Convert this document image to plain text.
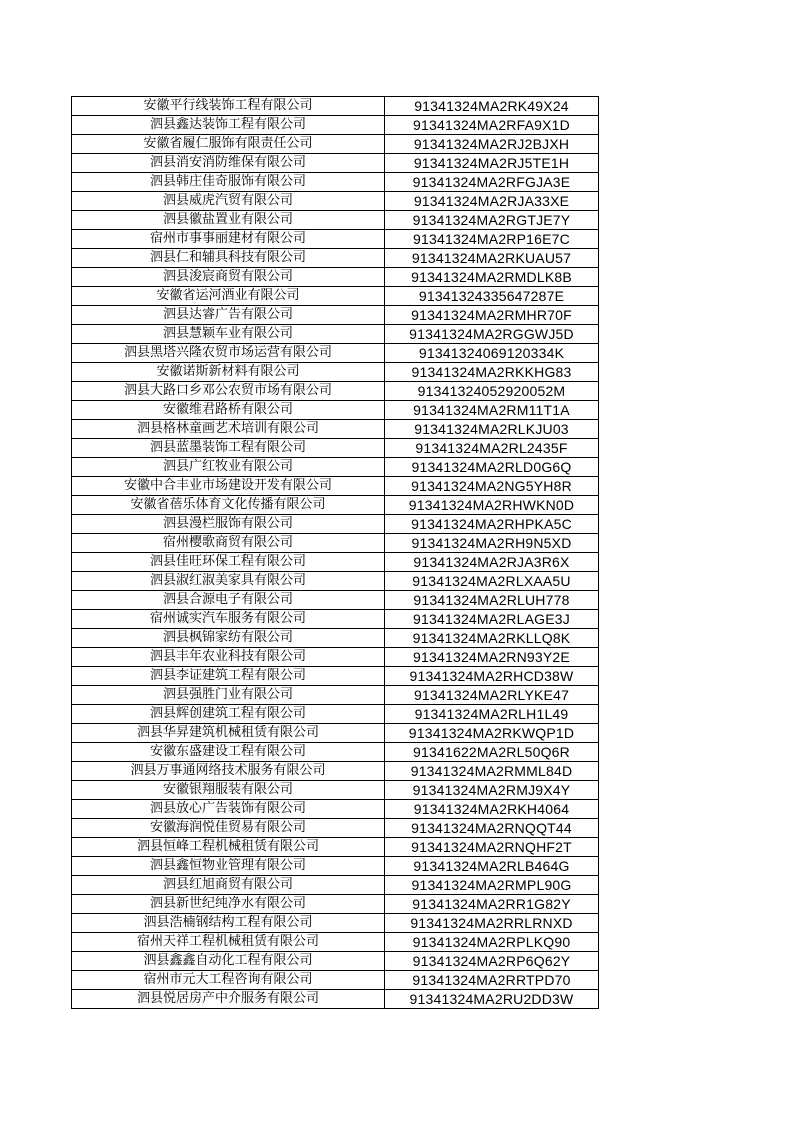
安徽平行线装饰工程有限公司	91341324MA2RK49X24
泗县鑫达装饰工程有限公司	91341324MA2RFA9X1D
安徽省履仁服饰有限责任公司	91341324MA2RJ2BJXH
泗县消安消防维保有限公司	91341324MA2RJ5TE1H
泗县韩庄佳奇服饰有限公司	91341324MA2RFGJA3E
泗县威虎汽贸有限公司	91341324MA2RJA33XE
泗县徽盐置业有限公司	91341324MA2RGTJE7Y
宿州市事事丽建材有限公司	91341324MA2RP16E7C
泗县仁和辅具科技有限公司	91341324MA2RKUAU57
泗县浚宸商贸有限公司	91341324MA2RMDLK8B
安徽省运河酒业有限公司	91341324335647287E
泗县达睿广告有限公司	91341324MA2RMHR70F
泗县慧颖车业有限公司	91341324MA2RGGWJ5D
泗县黑塔兴隆农贸市场运营有限公司	91341324069120334K
安徽诺斯新材料有限公司	91341324MA2RKKHG83
泗县大路口乡邓公农贸市场有限公司	91341324052920052M
安徽维君路桥有限公司	91341324MA2RM11T1A
泗县格林童画艺术培训有限公司	91341324MA2RLKJU03
泗县蓝墨装饰工程有限公司	91341324MA2RL2435F
泗县广红牧业有限公司	91341324MA2RLD0G6Q
安徽中合丰业市场建设开发有限公司	91341324MA2NG5YH8R
安徽省蓓乐体育文化传播有限公司	91341324MA2RHWKN0D
泗县漫栏服饰有限公司	91341324MA2RHPKA5C
宿州樱歌商贸有限公司	91341324MA2RH9N5XD
泗县佳旺环保工程有限公司	91341324MA2RJA3R6X
泗县淑红淑美家具有限公司	91341324MA2RLXAA5U
泗县合源电子有限公司	91341324MA2RLUH778
宿州诚实汽车服务有限公司	91341324MA2RLAGE3J
泗县枫锦家纺有限公司	91341324MA2RKLLQ8K
泗县丰年农业科技有限公司	91341324MA2RN93Y2E
泗县李证建筑工程有限公司	91341324MA2RHCD38W
泗县强胜门业有限公司	91341324MA2RLYKE47
泗县辉创建筑工程有限公司	91341324MA2RLH1L49
泗县华昇建筑机械租赁有限公司	91341324MA2RKWQP1D
安徽东盛建设工程有限公司	91341622MA2RL50Q6R
泗县万事通网络技术服务有限公司	91341324MA2RMML84D
安徽银翔服装有限公司	91341324MA2RMJ9X4Y
泗县放心广告装饰有限公司	91341324MA2RKH4064
安徽海润悦佳贸易有限公司	91341324MA2RNQQT44
泗县恒峰工程机械租赁有限公司	91341324MA2RNQHF2T
泗县鑫恒物业管理有限公司	91341324MA2RLB464G
泗县红旭商贸有限公司	91341324MA2RMPL90G
泗县新世纪纯净水有限公司	91341324MA2RR1G82Y
泗县浩楠钢结构工程有限公司	91341324MA2RRLRNXD
宿州天祥工程机械租赁有限公司	91341324MA2RPLKQ90
泗县鑫鑫自动化工程有限公司	91341324MA2RP6Q62Y
宿州市元大工程咨询有限公司	91341324MA2RRTPD70
泗县悦居房产中介服务有限公司	91341324MA2RU2DD3W
